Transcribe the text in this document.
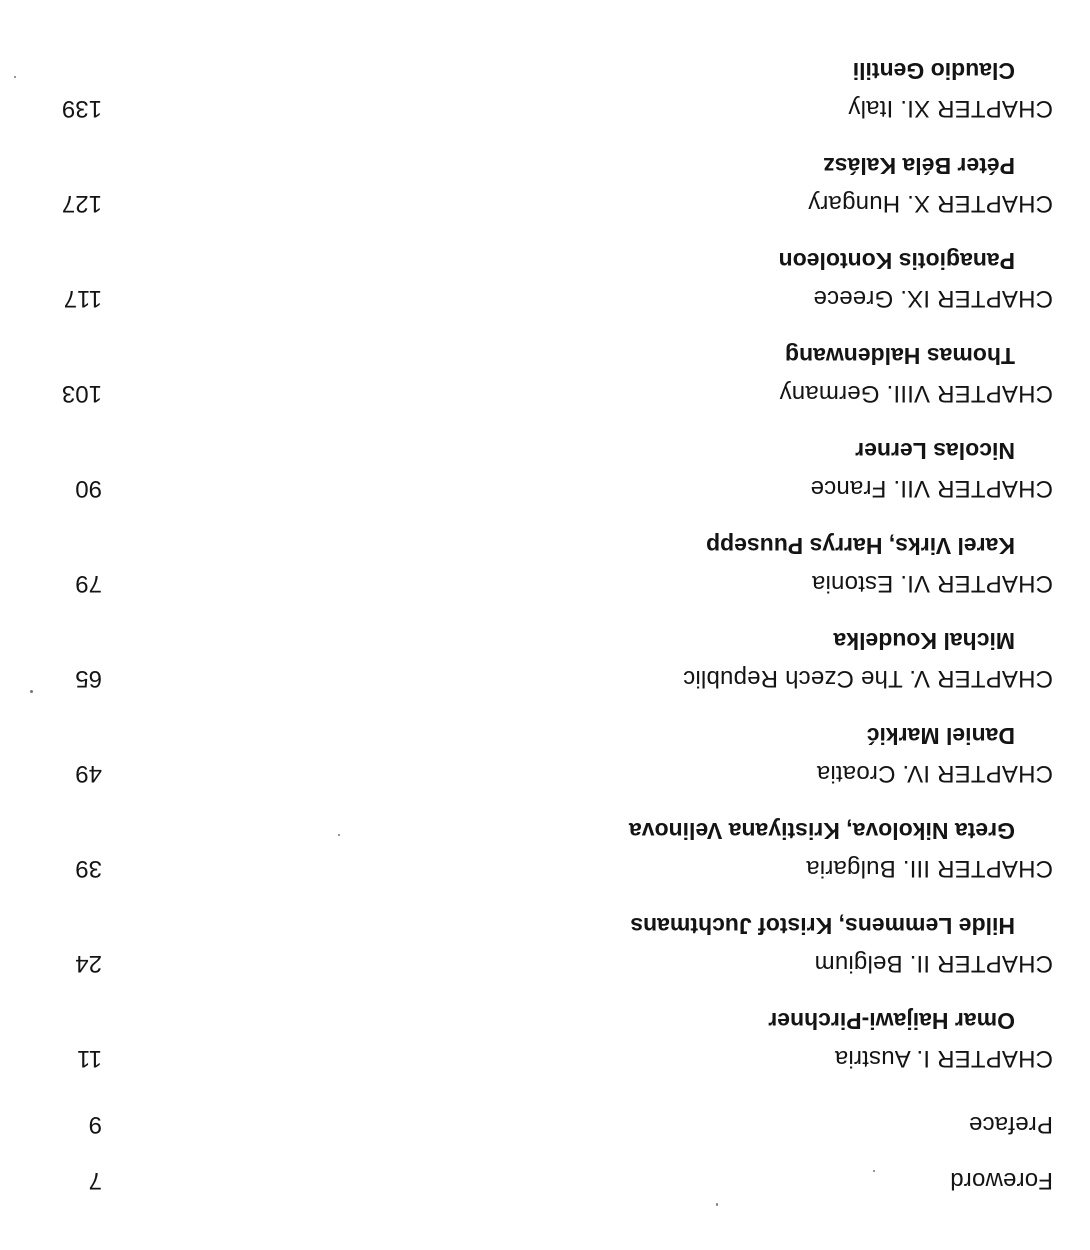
Foreword
7
Preface
9
CHAPTER I. Austria
11
Omar Haijawi-Pirchner
CHAPTER II. Belgium
24
Hilde Lemmens, Kristof Juchtmans
CHAPTER III. Bulgaria
39
Greta Nikolova, Kristiyana Velinova
CHAPTER IV. Croatia
49
Daniel Markić
CHAPTER V. The Czech Republic
65
Michal Koudelka
CHAPTER VI. Estonia
79
Karel Virks, Harrys Puusepp
CHAPTER VII. France
90
Nicolas Lerner
CHAPTER VIII. Germany
103
Thomas Haldenwang
CHAPTER IX. Greece
117
Panagiotis Kontoleon
CHAPTER X. Hungary
127
Péter Béla Kalász
CHAPTER XI. Italy
139
Claudio Gentili
